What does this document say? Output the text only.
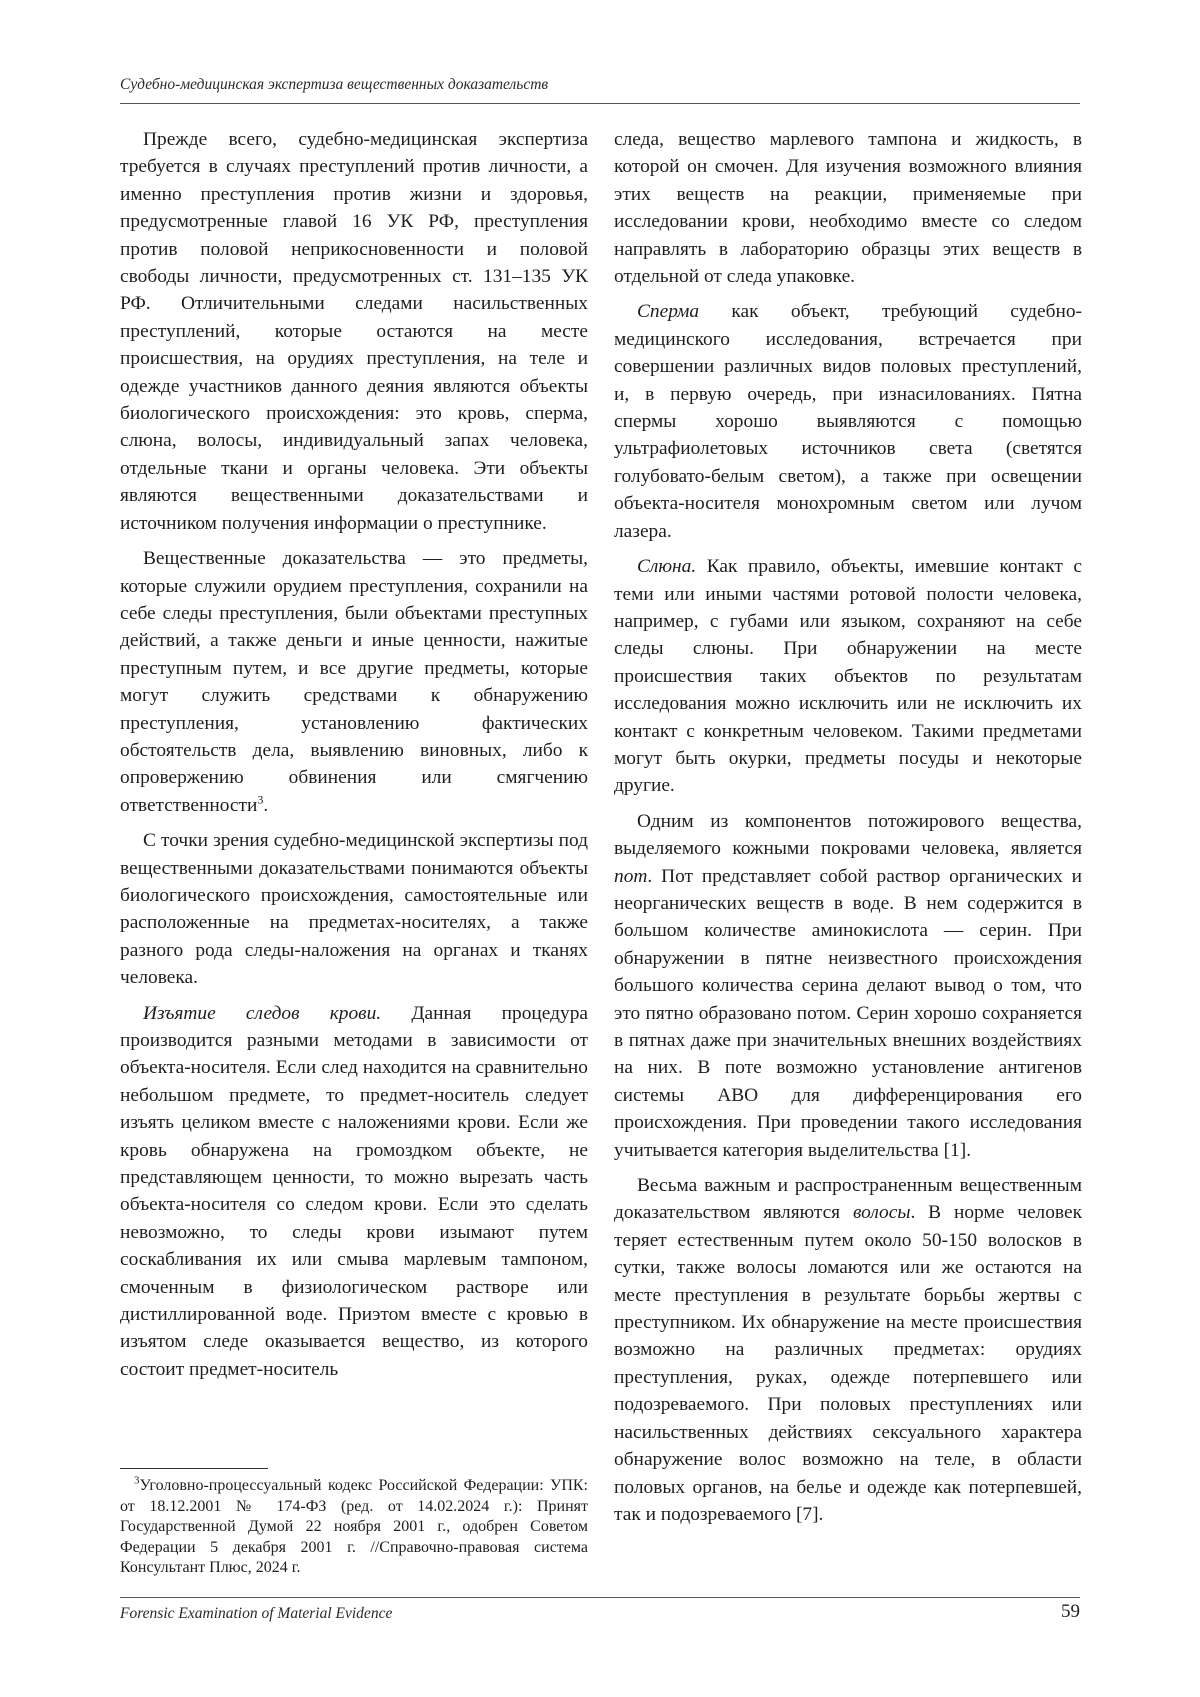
Судебно-медицинская экспертиза вещественных доказательств

Прежде всего, судебно-медицинская экспертиза требуется в случаях преступлений против личности, а именно преступления против жизни и здоровья, предусмотренные главой 16 УК РФ, преступления против половой неприкосновенности и половой свободы личности, предусмотренных ст. 131–135 УК РФ. Отличительными следами насильственных преступлений, которые остаются на месте происшествия, на орудиях преступления, на теле и одежде участников данного деяния являются объекты биологического происхождения: это кровь, сперма, слюна, волосы, индивидуальный запах человека, отдельные ткани и органы человека. Эти объекты являются вещественными доказательствами и источником получения информации о преступнике.

Вещественные доказательства — это предметы, которые служили орудием преступления, сохранили на себе следы преступления, были объектами преступных действий, а также деньги и иные ценности, нажитые преступным путем, и все другие предметы, которые могут служить средствами к обнаружению преступления, установлению фактических обстоятельств дела, выявлению виновных, либо к опровержению обвинения или смягчению ответственности$^3$.

С точки зрения судебно-медицинской экспертизы под вещественными доказательствами понимаются объекты биологического происхождения, самостоятельные или расположенные на предметах-носителях, а также разного рода следы-наложения на органах и тканях человека.

Изъятие следов крови. Данная процедура производится разными методами в зависимости от объекта-носителя. Если след находится на сравнительно небольшом предмете, то предмет-носитель следует изъять целиком вместе с наложениями крови. Если же кровь обнаружена на громоздком объекте, не представляющем ценности, то можно вырезать часть объекта-носителя со следом крови. Если это сделать невозможно, то следы крови изымают путем соскабливания их или смыва марлевым тампоном, смоченным в физиологическом растворе или дистиллированной воде. Приэтом вместе с кровью в изъятом следе оказывается вещество, из которого состоит предмет-носитель

следа, вещество марлевого тампона и жидкость, в которой он смочен. Для изучения возможного влияния этих веществ на реакции, применяемые при исследовании крови, необходимо вместе со следом направлять в лабораторию образцы этих веществ в отдельной от следа упаковке.

Сперма как объект, требующий судебно-медицинского исследования, встречается при совершении различных видов половых преступлений, и, в первую очередь, при изнасилованиях. Пятна спермы хорошо выявляются с помощью ультрафиолетовых источников света (светятся голубовато-белым светом), а также при освещении объекта-носителя монохромным светом или лучом лазера.

Слюна. Как правило, объекты, имевшие контакт с теми или иными частями ротовой полости человека, например, с губами или языком, сохраняют на себе следы слюны. При обнаружении на месте происшествия таких объектов по результатам исследования можно исключить или не исключить их контакт с конкретным человеком. Такими предметами могут быть окурки, предметы посуды и некоторые другие.

Одним из компонентов потожирового вещества, выделяемого кожными покровами человека, является пот. Пот представляет собой раствор органических и неорганических веществ в воде. В нем содержится в большом количестве аминокислота — серин. При обнаружении в пятне неизвестного происхождения большого количества серина делают вывод о том, что это пятно образовано потом. Серин хорошо сохраняется в пятнах даже при значительных внешних воздействиях на них. В поте возможно установление антигенов системы АВО для дифференцирования его происхождения. При проведении такого исследования учитывается категория выделительства [1].

Весьма важным и распространенным вещественным доказательством являются волосы. В норме человек теряет естественным путем около 50-150 волосков в сутки, также волосы ломаются или же остаются на месте преступления в результате борьбы жертвы с преступником. Их обнаружение на месте происшествия возможно на различных предметах: орудиях преступления, руках, одежде потерпевшего или подозреваемого. При половых преступлениях или насильственных действиях сексуального характера обнаружение волос возможно на теле, в области половых органов, на белье и одежде как потерпевшей, так и подозреваемого [7].

$^3$Уголовно-процессуальный кодекс Российской Федерации: УПК: от 18.12.2001 № 174-ФЗ (ред. от 14.02.2024 г.): Принят Государственной Думой 22 ноября 2001 г., одобрен Советом Федерации 5 декабря 2001 г. //Справочно-правовая система Консультант Плюс, 2024 г.

Forensic Examination of Material Evidence	59
